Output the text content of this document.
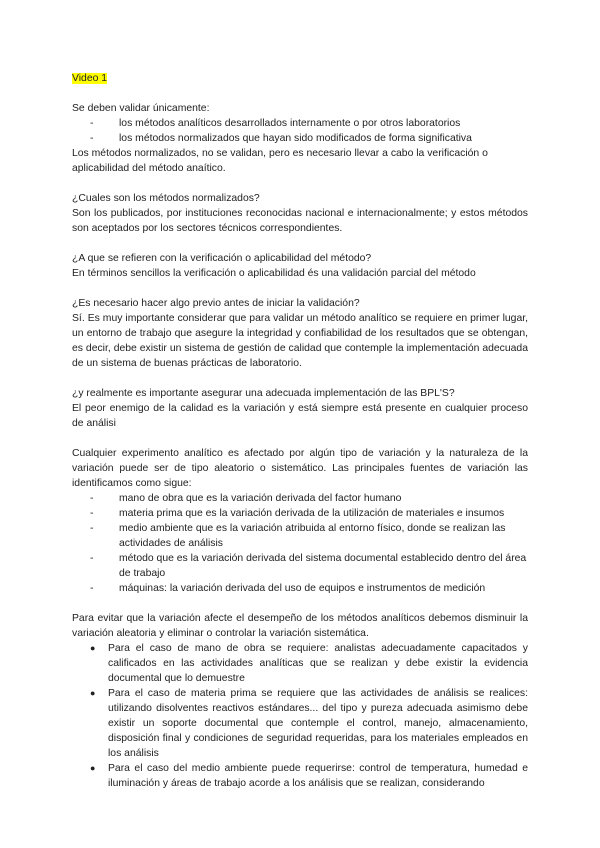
Video 1

Se deben validar únicamente:

- los métodos analíticos desarrollados internamente o por otros laboratorios
- los métodos normalizados que hayan sido modificados de forma significativa

Los métodos normalizados, no se validan, pero es necesario llevar a cabo la verificación o aplicabilidad del método anaítico.

¿Cuales son los métodos normalizados?

Son los publicados, por instituciones reconocidas nacional e internacionalmente; y estos métodos son aceptados por los sectores técnicos correspondientes.

¿A que se refieren con la verificación o aplicabilidad del método?

En términos sencillos la verificación o aplicabilidad és una validación parcial del método

¿Es necesario hacer algo previo antes de iniciar la validación?

Sí. Es muy importante considerar que para validar un método analítico se requiere en primer lugar, un entorno de trabajo que asegure la integridad y confiabilidad de los resultados que se obtengan, es decir, debe existir un sistema de gestión de calidad que contemple la implementación adecuada de un sistema de buenas prácticas de laboratorio.

¿y realmente es importante asegurar una adecuada implementación de las BPL'S?

El peor enemigo de la calidad es la variación y está siempre está presente en cualquier proceso de análisi

Cualquier experimento analítico es afectado por algún tipo de variación y la naturaleza de la variación puede ser de tipo aleatorio o sistemático. Las principales fuentes de variación las identificamos como sigue:

- mano de obra que es la variación derivada del factor humano
- materia prima que es la variación derivada de la utilización de materiales e insumos
- medio ambiente que es la variación atribuida al entorno físico, donde se realizan las actividades de análisis
- método que es la variación derivada del sistema documental establecido dentro del área de trabajo
- máquinas: la variación derivada del uso de equipos e instrumentos de medición

Para evitar que la variación afecte el desempeño de los métodos analíticos debemos disminuir la variación aleatoria y eliminar o controlar la variación sistemática.

● Para el caso de mano de obra se requiere: analistas adecuadamente capacitados y calificados en las actividades analíticas que se realizan y debe existir la evidencia documental que lo demuestre
● Para el caso de materia prima se requiere que las actividades de análisis se realices: utilizando disolventes reactivos estándares... del tipo y pureza adecuada asimismo debe existir un soporte documental que contemple el control, manejo, almacenamiento, disposición final y condiciones de seguridad requeridas, para los materiales empleados en los análisis
● Para el caso del medio ambiente puede requerirse: control de temperatura, humedad e iluminación y áreas de trabajo acorde a los análisis que se realizan, considerando
